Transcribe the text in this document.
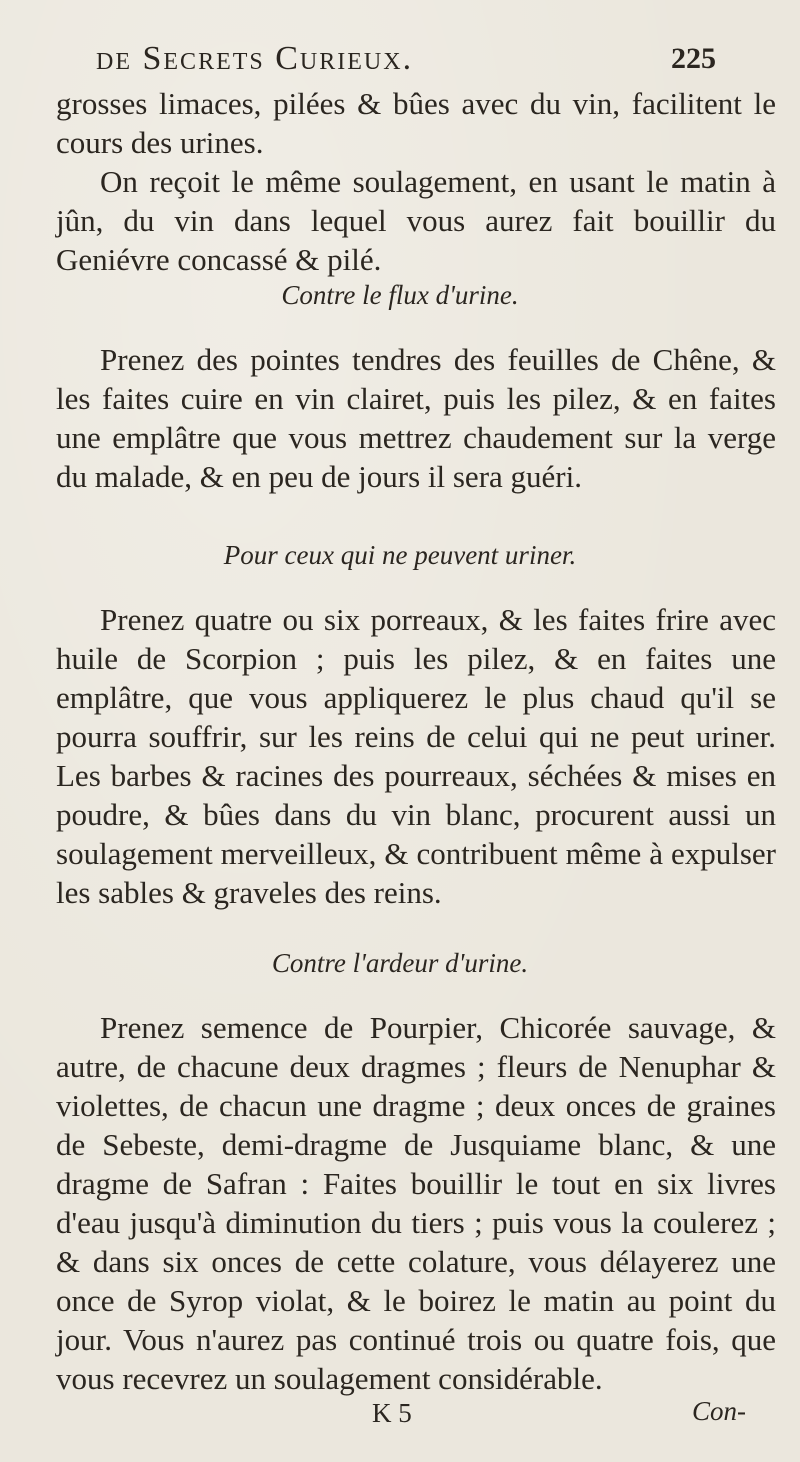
de Secrets Curieux.	225

grosses limaces, pilées & bûes avec du vin, facilitent le cours des urines.

On reçoit le même soulagement, en usant le matin à jûn, du vin dans lequel vous aurez fait bouillir du Geniévre concassé & pilé.

Contre le flux d'urine.

Prenez des pointes tendres des feuilles de Chêne, & les faites cuire en vin clairet, puis les pilez, & en faites une emplâtre que vous mettrez chaudement sur la verge du malade, & en peu de jours il sera guéri.

Pour ceux qui ne peuvent uriner.

Prenez quatre ou six porreaux, & les faites frire avec huile de Scorpion ; puis les pilez, & en faites une emplâtre, que vous appliquerez le plus chaud qu'il se pourra souffrir, sur les reins de celui qui ne peut uriner. Les barbes & racines des pourreaux, séchées & mises en poudre, & bûes dans du vin blanc, procurent aussi un soulagement merveilleux, & contribuent même à expulser les sables & graveles des reins.

Contre l'ardeur d'urine.

Prenez semence de Pourpier, Chicorée sauvage, & autre, de chacune deux dragmes ; fleurs de Nenuphar & violettes, de chacun une dragme ; deux onces de graines de Sebeste, demi-dragme de Jusquiame blanc, & une dragme de Safran : Faites bouillir le tout en six livres d'eau jusqu'à diminution du tiers ; puis vous la coulerez ; & dans six onces de cette colature, vous délayerez une once de Syrop violat, & le boirez le matin au point du jour. Vous n'aurez pas continué trois ou quatre fois, que vous recevrez un soulagement considérable.

K 5	Con-
